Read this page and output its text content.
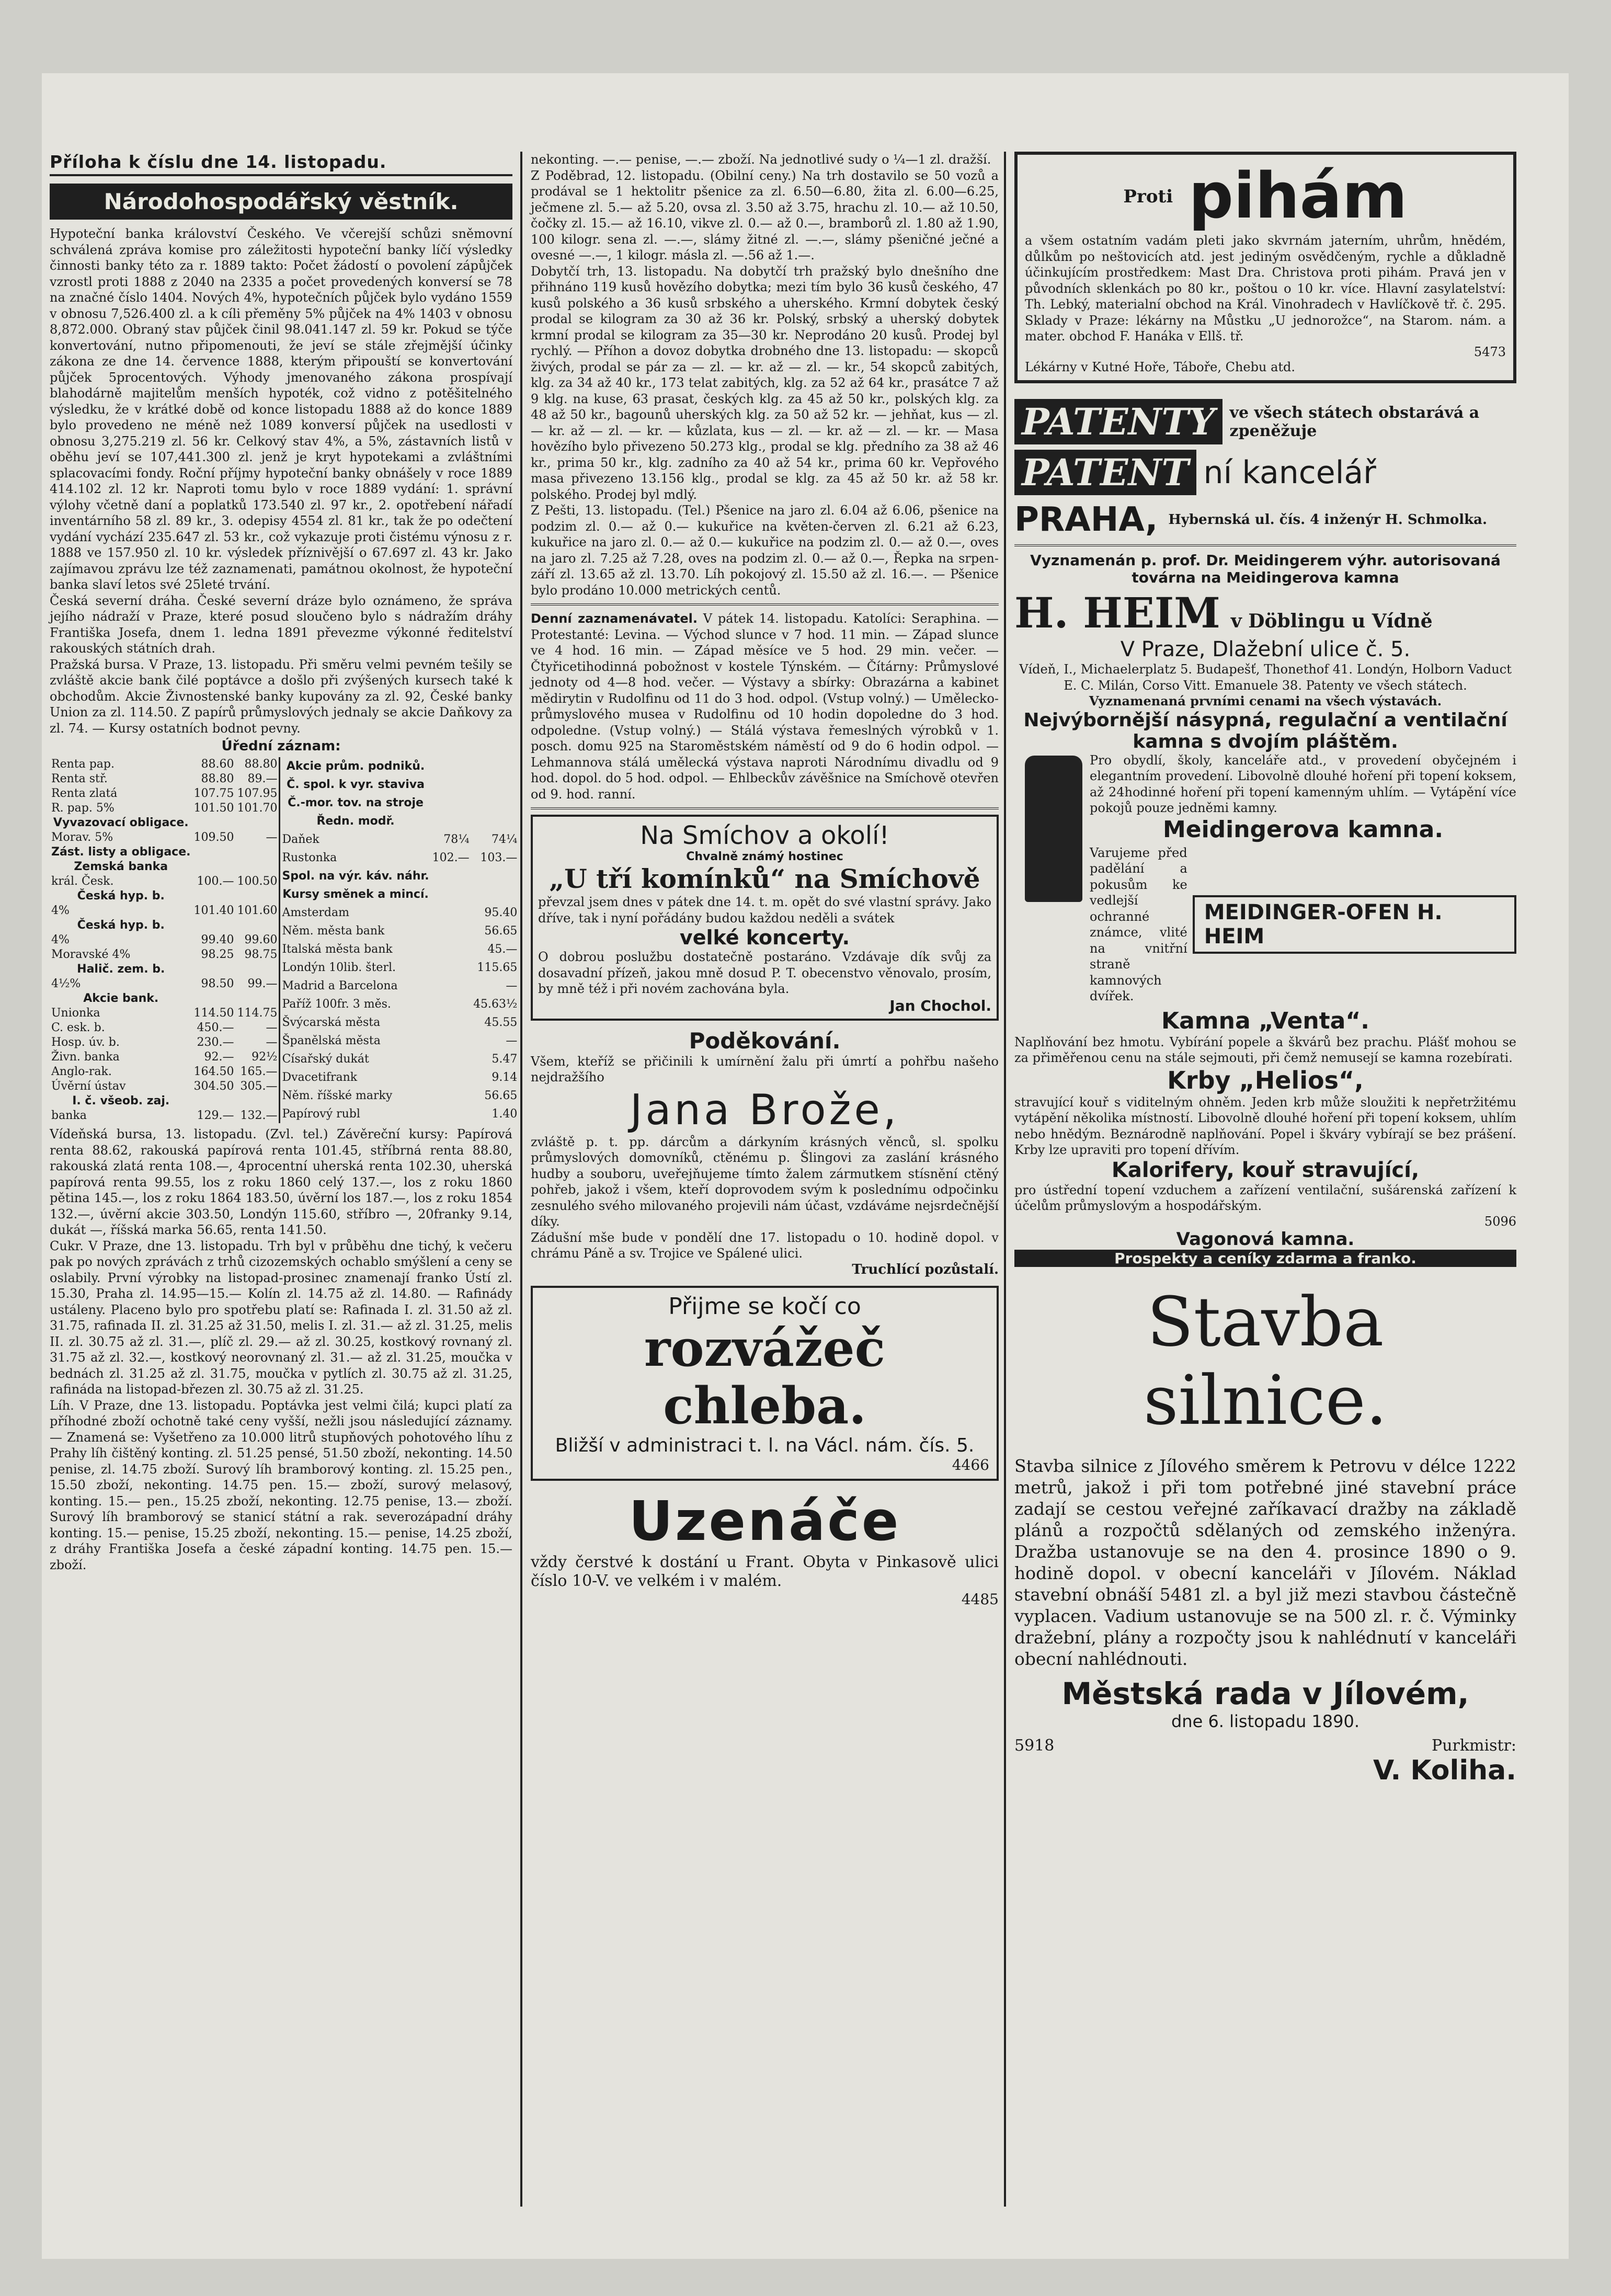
Příloha k číslu dne 14. listopadu.
Národohospodářský věstník.

Hypoteční banka království Českého. Ve včerejší schůzi sněmovní schválená zpráva komise pro záležitosti hypoteční banky líčí výsledky činnosti banky této za r. 1889 takto: Počet žádostí o povolení zápůjček vzrostl proti 1888 z 2040 na 2335 a počet provedených konversí se 78 na značné číslo 1404. Nových 4%, hypotečních půjček bylo vydáno 1559 v obnosu 7,526.400 zl. a k cíli přeměny 5% půjček na 4% 1403 v obnosu 8,872.000. Obraný stav půjček činil 98.041.147 zl. 59 kr. Pokud se týče konvertování, nutno připomenouti, že jeví se stále zřejmější účinky zákona ze dne 14. července 1888, kterým připouští se konvertování půjček 5procentových. Výhody jmenovaného zákona prospívají blahodárně majitelům menších hypoték, což vidno z potěšitelného výsledku, že v krátké době od konce listopadu 1888 až do konce 1889 bylo provedeno ne méně než 1089 konversí půjček na usedlosti v obnosu 3,275.219 zl. 56 kr. Celkový stav 4%, a 5%, zástavních listů v oběhu jeví se 107,441.300 zl. jenž je kryt hypotekami a zvláštními splacovacími fondy. Roční příjmy hypoteční banky obnášely v roce 1889 414.102 zl. 12 kr. Naproti tomu bylo v roce 1889 vydání: 1. správní výlohy včetně daní a poplatků 173.540 zl. 97 kr., 2. opotřebení nářadí inventárního 58 zl. 89 kr., 3. odepisy 4554 zl. 81 kr., tak že po odečtení vydání vychází 235.647 zl. 53 kr., což vykazuje proti čistému výnosu z r. 1888 ve 157.950 zl. 10 kr. výsledek příznivější o 67.697 zl. 43 kr. Jako zajímavou zprávu lze též zaznamenati, památnou okolnost, že hypoteční banka slaví letos své 25leté trvání.

Česká severní dráha. České severní dráze bylo oznámeno, že správa jejího nádraží v Praze, které posud sloučeno bylo s nádražím dráhy Františka Josefa, dnem 1. ledna 1891 převezme výkonné ředitelství rakouských státních drah.

Pražská bursa. V Praze, 13. listopadu. Při směru velmi pevném tešily se zvláště akcie bank čilé poptávce a došlo při zvýšených kursech také k obchodům. Akcie Živnostenské banky kupovány za zl. 92, České banky Union za zl. 114.50. Z papírů průmyslových jednaly se akcie Daňkovy za zl. 74. — Kursy ostatních bodnot pevny.

Úřední záznam:
Renta pap.	88.60	88.80
Renta stř.	88.80	89.—
Renta zlatá	107.75	107.95
R. pap. 5%	101.50	101.70
Vyvazovací obligace.		
Morav. 5%	109.50	—
Zást. listy a obligace.		
Zemská banka		
král. Česk.	100.—	100.50
Česká hyp. b.		
4%	101.40	101.60
Česká hyp. b.		
4%	99.40	99.60
Moravské 4%	98.25	98.75
Halič. zem. b.		
4½%	98.50	99.—
Akcie bank.		
Unionka	114.50	114.75
C. esk. b.	450.—	—
Hosp. úv. b.	230.—	—
Živn. banka	92.—	92½
Anglo-rak.	164.50	165.—
Úvěrní ústav	304.50	305.—
I. č. všeob. zaj.		
banka	129.—	132.—
Akcie prům. podniků.		
Č. spol. k vyr. staviva		
Č.-mor. tov. na stroje		
Ředn. modř.		
Daňek	78¼	74¼
Rustonka	102.—	103.—
Spol. na výr. káv. náhr.		
Kursy směnek a mincí.		
Amsterdam		95.40
Něm. města bank		56.65
Italská města bank		45.—
Londýn 10lib. šterl.		115.65
Madrid a Barcelona		—
Paříž 100fr. 3 měs.		45.63½
Švýcarská města		45.55
Španělská města		—
Císařský dukát		5.47
Dvacetifrank		9.14
Něm. říšské marky		56.65
Papírový rubl		1.40

Vídeňská bursa, 13. listopadu. (Zvl. tel.) Závěreční kursy: Papírová renta 88.62, rakouská papírová renta 101.45, stříbrná renta 88.80, rakouská zlatá renta 108.—, 4procentní uherská renta 102.30, uherská papírová renta 99.55, los z roku 1860 celý 137.—, los z roku 1860 pětina 145.—, los z roku 1864 183.50, úvěrní los 187.—, los z roku 1854 132.—, úvěrní akcie 303.50, Londýn 115.60, stříbro —, 20franky 9.14, dukát —, říšská marka 56.65, renta 141.50.

Cukr. V Praze, dne 13. listopadu. Trh byl v průběhu dne tichý, k večeru pak po nových zprávách z trhů cizozemských ochablo smýšlení a ceny se oslabily. První výrobky na listopad-prosinec znamenají franko Ústí zl. 15.30, Praha zl. 14.95—15.— Kolín zl. 14.75 až zl. 14.80. — Rafinády ustáleny. Placeno bylo pro spotřebu platí se: Rafinada I. zl. 31.50 až zl. 31.75, rafinada II. zl. 31.25 až 31.50, melis I. zl. 31.— až zl. 31.25, melis II. zl. 30.75 až zl. 31.—, plíč zl. 29.— až zl. 30.25, kostkový rovnaný zl. 31.75 až zl. 32.—, kostkový neorovnaný zl. 31.— až zl. 31.25, moučka v bednách zl. 31.25 až zl. 31.75, moučka v pytlích zl. 30.75 až zl. 31.25, rafináda na listopad-březen zl. 30.75 až zl. 31.25.

Líh. V Praze, dne 13. listopadu. Poptávka jest velmi čilá; kupci platí za příhodné zboží ochotně také ceny vyšší, nežli jsou následující záznamy. — Znamená se: Vyšetřeno za 10.000 litrů stupňových pohotového líhu z Prahy líh čištěný konting. zl. 51.25 pensé, 51.50 zboží, nekonting. 14.50 penise, zl. 14.75 zboží. Surový líh bramborový konting. zl. 15.25 pen., 15.50 zboží, nekonting. 14.75 pen. 15.— zboží, surový melasový, konting. 15.— pen., 15.25 zboží, nekonting. 12.75 penise, 13.— zboží. Surový líh bramborový se stanicí státní a rak. severozápadní dráhy konting. 15.— penise, 15.25 zboží, nekonting. 15.— penise, 14.25 zboží, z dráhy Františka Josefa a české západní konting. 14.75 pen. 15.— zboží.

nekonting. —.— penise, —.— zboží. Na jednotlivé sudy o ¼—1 zl. dražší.

Z Poděbrad, 12. listopadu. (Obilní ceny.) Na trh dostavilo se 50 vozů a prodával se 1 hektolitr pšenice za zl. 6.50—6.80, žita zl. 6.00—6.25, ječmene zl. 5.— až 5.20, ovsa zl. 3.50 až 3.75, hrachu zl. 10.— až 10.50, čočky zl. 15.— až 16.10, vikve zl. 0.— až 0.—, bramborů zl. 1.80 až 1.90, 100 kilogr. sena zl. —.—, slámy žitné zl. —.—, slámy pšeničné ječné a ovesné —.—, 1 kilogr. másla zl. —.56 až 1.—.

Dobytčí trh, 13. listopadu. Na dobytčí trh pražský bylo dnešního dne přihnáno 119 kusů hovězího dobytka; mezi tím bylo 36 kusů českého, 47 kusů polského a 36 kusů srbského a uherského. Krmní dobytek český prodal se kilogram za 30 až 36 kr. Polský, srbský a uherský dobytek krmní prodal se kilogram za 35—30 kr. Neprodáno 20 kusů. Prodej byl rychlý. — Příhon a dovoz dobytka drobného dne 13. listopadu: — skopců živých, prodal se pár za — zl. — kr. až — zl. — kr., 54 skopců zabitých, klg. za 34 až 40 kr., 173 telat zabitých, klg. za 52 až 64 kr., prasátce 7 až 9 klg. na kuse, 63 prasat, českých klg. za 45 až 50 kr., polských klg. za 48 až 50 kr., bagounů uherských klg. za 50 až 52 kr. — jehňat, kus — zl. — kr. až — zl. — kr. — kůzlata, kus — zl. — kr. až — zl. — kr. — Masa hovězího bylo přivezeno 50.273 klg., prodal se klg. předního za 38 až 46 kr., prima 50 kr., klg. zadního za 40 až 54 kr., prima 60 kr. Vepřového masa přivezeno 13.156 klg., prodal se klg. za 45 až 50 kr. až 58 kr. polského. Prodej byl mdlý.

Z Pešti, 13. listopadu. (Tel.) Pšenice na jaro zl. 6.04 až 6.06, pšenice na podzim zl. 0.— až 0.— kukuřice na květen-červen zl. 6.21 až 6.23, kukuřice na jaro zl. 0.— až 0.— kukuřice na podzim zl. 0.— až 0.—, oves na jaro zl. 7.25 až 7.28, oves na podzim zl. 0.— až 0.—, Řepka na srpen-září zl. 13.65 až zl. 13.70. Líh pokojový zl. 15.50 až zl. 16.—. — Pšenice bylo prodáno 10.000 metrických centů.

Denní zaznamenávatel. V pátek 14. listopadu. Katolíci: Seraphina. — Protestanté: Levina. — Východ slunce v 7 hod. 11 min. — Západ slunce ve 4 hod. 16 min. — Západ měsíce ve 5 hod. 29 min. večer. — Čtyřicetihodinná pobožnost v kostele Týnském. — Čítárny: Průmyslové jednoty od 4—8 hod. večer. — Výstavy a sbírky: Obrazárna a kabinet mědirytin v Rudolfinu od 11 do 3 hod. odpol. (Vstup volný.) — Umělecko-průmyslového musea v Rudolfinu od 10 hodin dopoledne do 3 hod. odpoledne. (Vstup volný.) — Stálá výstava řemeslných výrobků v 1. posch. domu 925 na Staroměstském náměstí od 9 do 6 hodin odpol. — Lehmannova stálá umělecká výstava naproti Národnímu divadlu od 9 hod. dopol. do 5 hod. odpol. — Ehlbeckův závěšnice na Smíchově otevřen od 9. hod. ranní.

Na Smíchov a okolí!
Chvalně známý hostinec
„U tří komínků“ na Smíchově

převzal jsem dnes v pátek dne 14. t. m. opět do své vlastní správy. Jako dříve, tak i nyní pořádány budou každou neděli a svátek

velké koncerty.

O dobrou poslužbu dostatečně postaráno. Vzdávaje dík svůj za dosavadní přízeň, jakou mně dosud P. T. obecenstvo věnovalo, prosím, by mně též i při novém zachována byla.

Jan Chochol.
Poděkování.

Všem, kteříž se přičinili k umírnění žalu při úmrtí a pohřbu našeho nejdražšího

Jana Brože,

zvláště p. t. pp. dárcům a dárkyním krásných věnců, sl. spolku průmyslových domovníků, ctěnému p. Šlingovi za zaslání krásného hudby a souboru, uveřejňujeme tímto žalem zármutkem stísnění ctěný pohřeb, jakož i všem, kteří doprovodem svým k poslednímu odpočinku zesnulého svého milovaného projevili nám účast, vzdáváme nejsrdečnější díky.

Zádušní mše bude v pondělí dne 17. listopadu o 10. hodině dopol. v chrámu Páně a sv. Trojice ve Spálené ulici.

Truchlící pozůstalí.
Přijme se kočí co
rozvážeč chleba.
Bližší v administraci t. l. na Václ. nám. čís. 5.
4466
Uzenáče

vždy čerstvé k dostání u Frant. Obyta v Pinkasově ulici číslo 10-V. ve velkém i v malém.

4485
Proti pihám

a všem ostatním vadám pleti jako skvrnám jaterním, uhrům, hnědém, důlkům po neštovicích atd. jest jediným osvědčeným, rychle a důkladně účinkujícím prostředkem: Mast Dra. Christova proti pihám. Pravá jen v původních sklenkách po 80 kr., poštou o 10 kr. více. Hlavní zasylatelství: Th. Lebký, materialní obchod na Král. Vinohradech v Havlíčkově tř. č. 295. Sklady v Praze: lékárny na Můstku „U jednorožce“, na Starom. nám. a mater. obchod F. Hanáka v Ellš. tř.

5473

Lékárny v Kutné Hoře, Táboře, Chebu atd.

PATENTY ve všech státech obstarává a zpeněžuje
PATENT ní kancelář
PRAHA, Hybernská ul. čís. 4 inženýr H. Schmolka.
Vyznamenán p. prof. Dr. Meidingerem výhr. autorisovaná továrna na Meidingerova kamna
H. HEIM v Döblingu u Vídně
V Praze, Dlažební ulice č. 5.

Vídeň, I., Michaelerplatz 5. Budapešť, Thonethof 41. Londýn, Holborn Vaduct E. C. Milán, Corso Vitt. Emanuele 38. Patenty ve všech státech.

Vyznamenaná prvními cenami na všech výstavách.

Nejvýbornější násypná, regulační a ventilační kamna s dvojím pláštěm.

Pro obydlí, školy, kanceláře atd., v provedení obyčejném i elegantním provedení. Libovolně dlouhé hoření při topení koksem, až 24hodinné hoření při topení kamenným uhlím. — Vytápění více pokojů pouze jedněmi kamny.

Meidingerova kamna.

Varujeme před padělání a pokusům ke vedlejší ochranné známce, vlité na vnitřní straně kamnových dvířek.

MEIDINGER-OFEN H. HEIM
Kamna „Venta“.

Naplňování bez hmotu. Vybírání popele a škvárů bez prachu. Plášť mohou se za přiměřenou cenu na stále sejmouti, při čemž nemusejí se kamna rozebírati.

Krby „Helios“,

stravující kouř s viditelným ohněm. Jeden krb může sloužiti k nepřetržitému vytápění několika místností. Libovolně dlouhé hoření při topení koksem, uhlím nebo hnědým. Beznárodně naplňování. Popel i škváry vybírají se bez prášení. Krby lze upraviti pro topení dřívím.

Kalorifery, kouř stravující,

pro ústřední topení vzduchem a zařízení ventilační, sušárenská zařízení k účelům průmyslovým a hospodářským.

5096
Vagonová kamna.
Prospekty a ceníky zdarma a franko.
Stavba silnice.

Stavba silnice z Jílového směrem k Petrovu v délce 1222 metrů, jakož i při tom potřebné jiné stavební práce zadají se cestou veřejné zaříkavací dražby na základě plánů a rozpočtů sdělaných od zemského inženýra. Dražba ustanovuje se na den 4. prosince 1890 o 9. hodině dopol. v obecní kanceláři v Jílovém. Náklad stavební obnáší 5481 zl. a byl již mezi stavbou částečně vyplacen. Vadium ustanovuje se na 500 zl. r. č. Výminky dražební, plány a rozpočty jsou k nahlédnutí v kanceláři obecní nahlédnouti.

Městská rada v Jílovém,
dne 6. listopadu 1890.
5918	Purkmistr:
V. Koliha.
